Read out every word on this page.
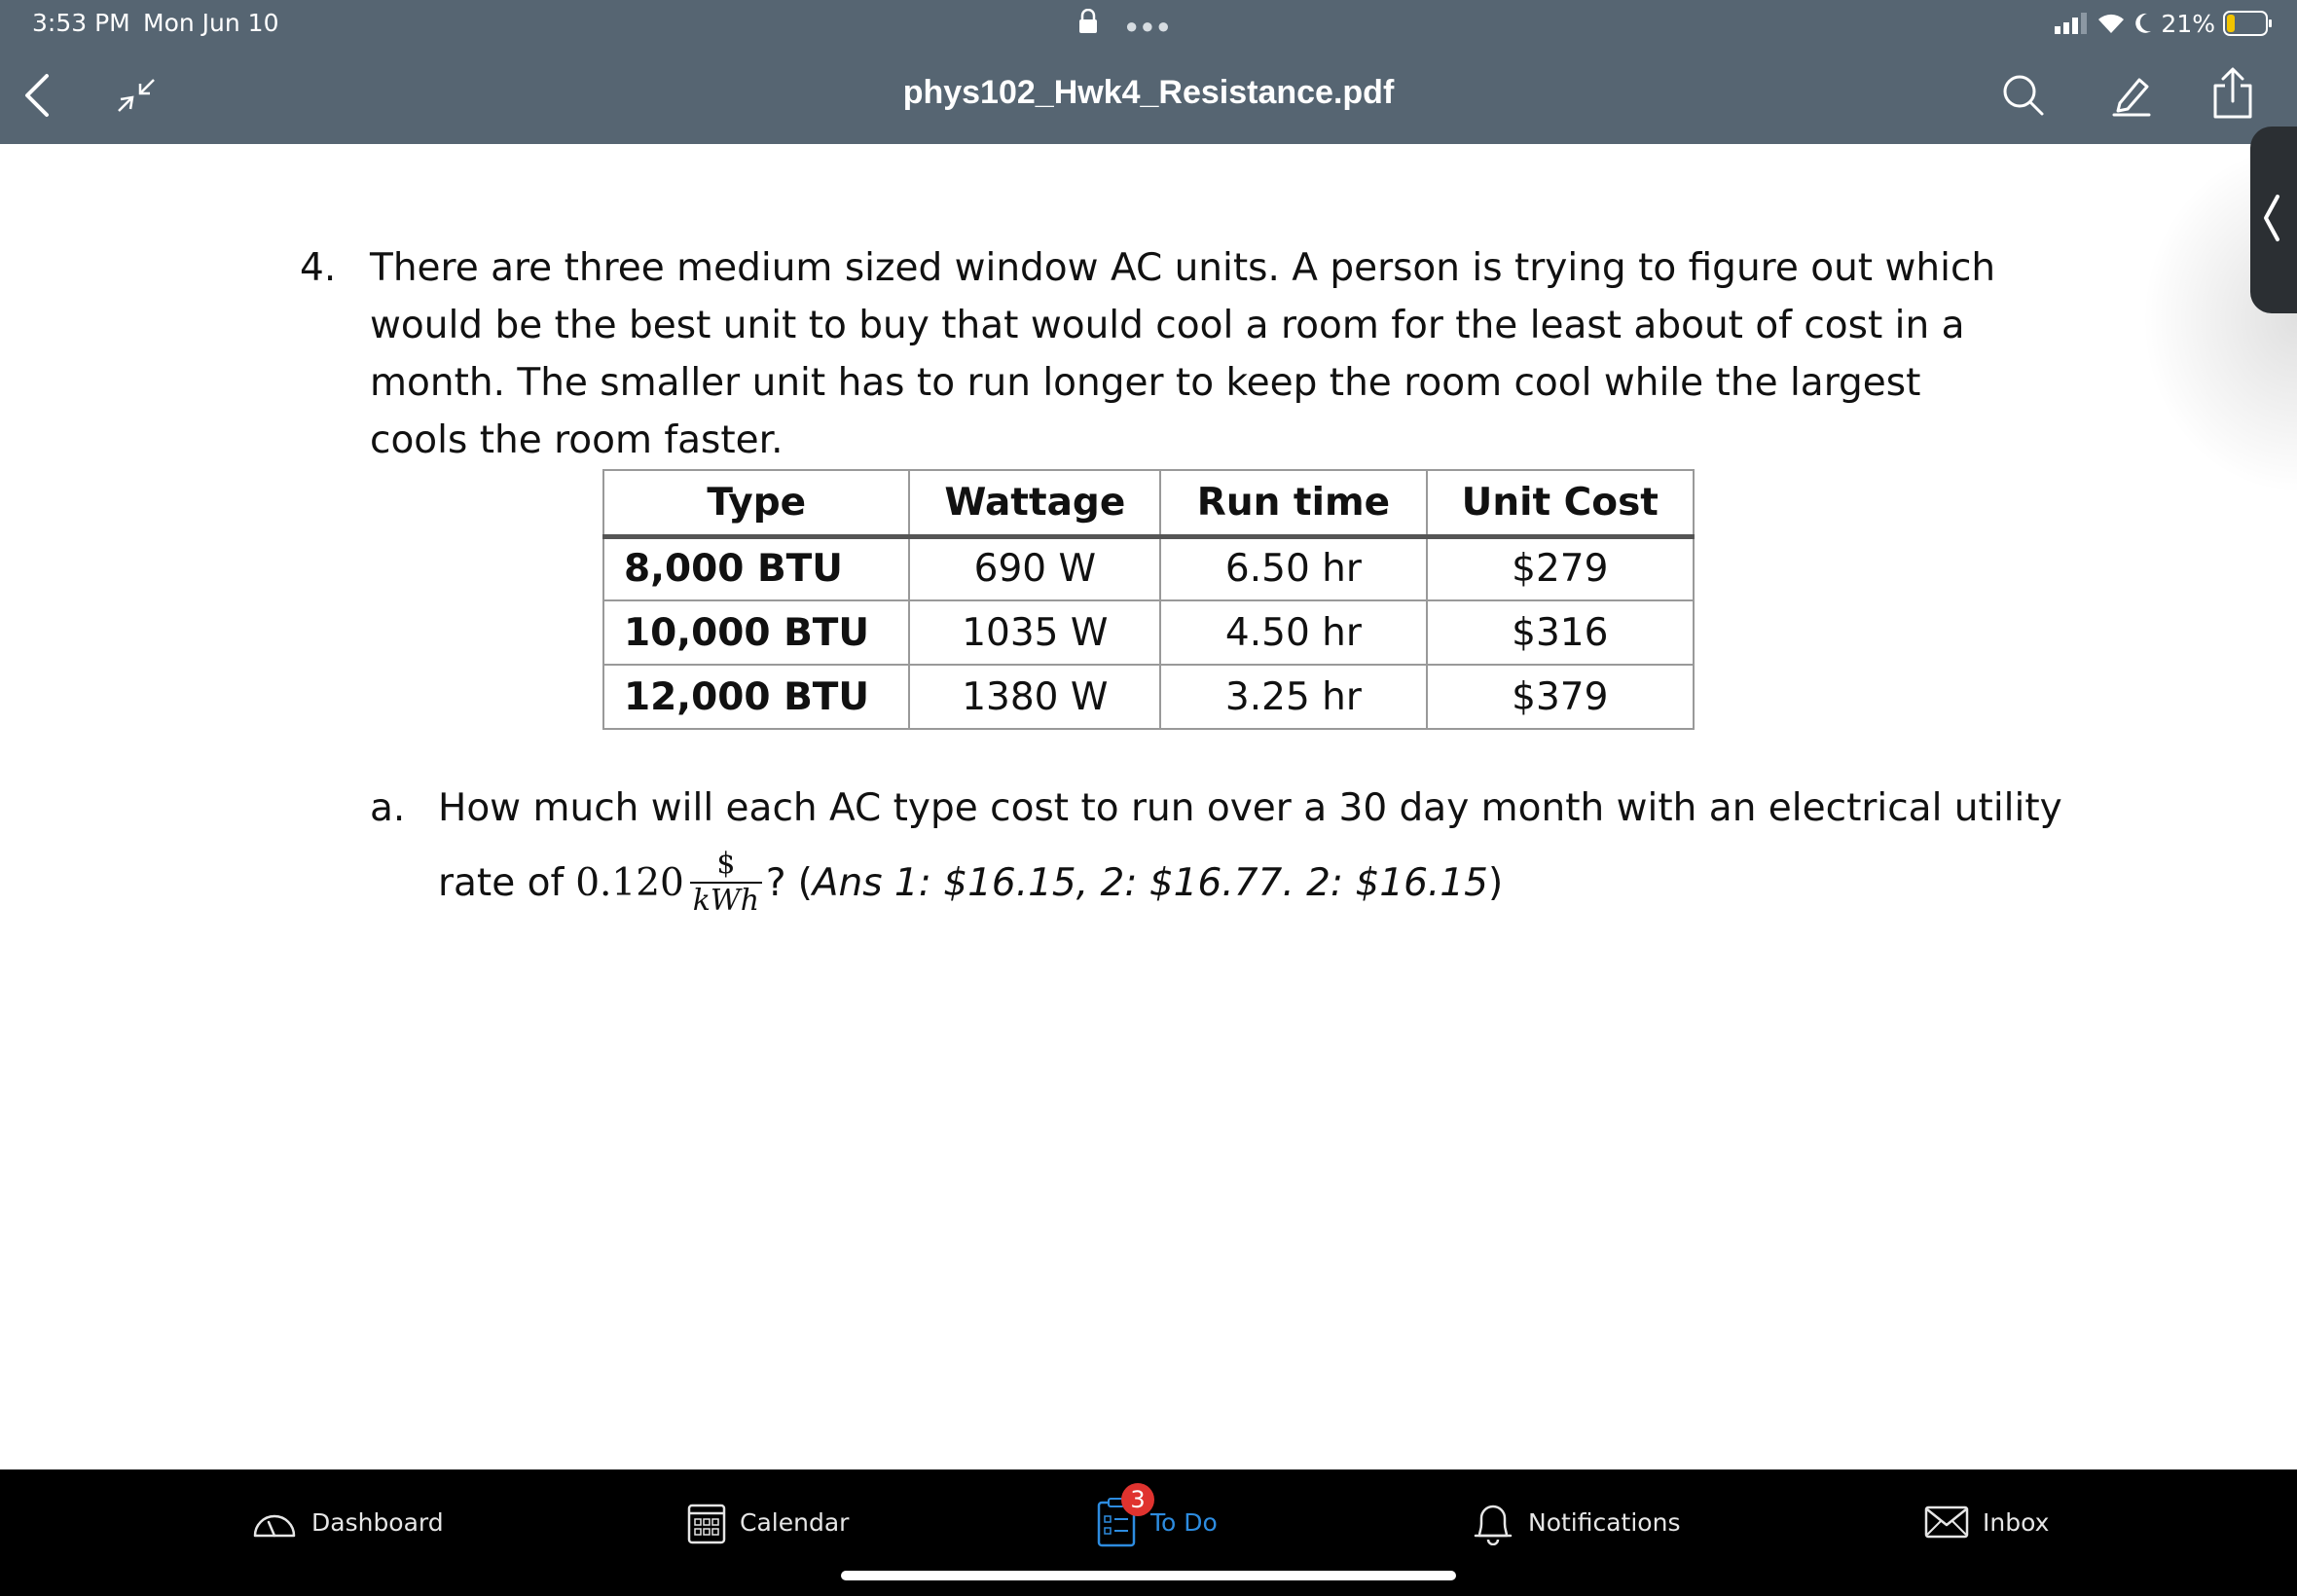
3:53 PM Mon Jun 10	●●●	21%
phys102_Hwk4_Resistance.pdf
4. There are three medium sized window AC units. A person is trying to figure out which would be the best unit to buy that would cool a room for the least about of cost in a month. The smaller unit has to run longer to keep the room cool while the largest cools the room faster.
Type	Wattage	Run time	Unit Cost
8,000 BTU	690 W	6.50 hr	$279
10,000 BTU	1035 W	4.50 hr	$316
12,000 BTU	1380 W	3.25 hr	$379
a. How much will each AC type cost to run over a 30 day month with an electrical utility
rate of $0.120 \frac{\$}{\text{kWh}}$ ? ( Ans 1: $16.15, 2: $16.77. 2: $16.15 )
Dashboard	Calendar
3
To Do	Notifications	Inbox
